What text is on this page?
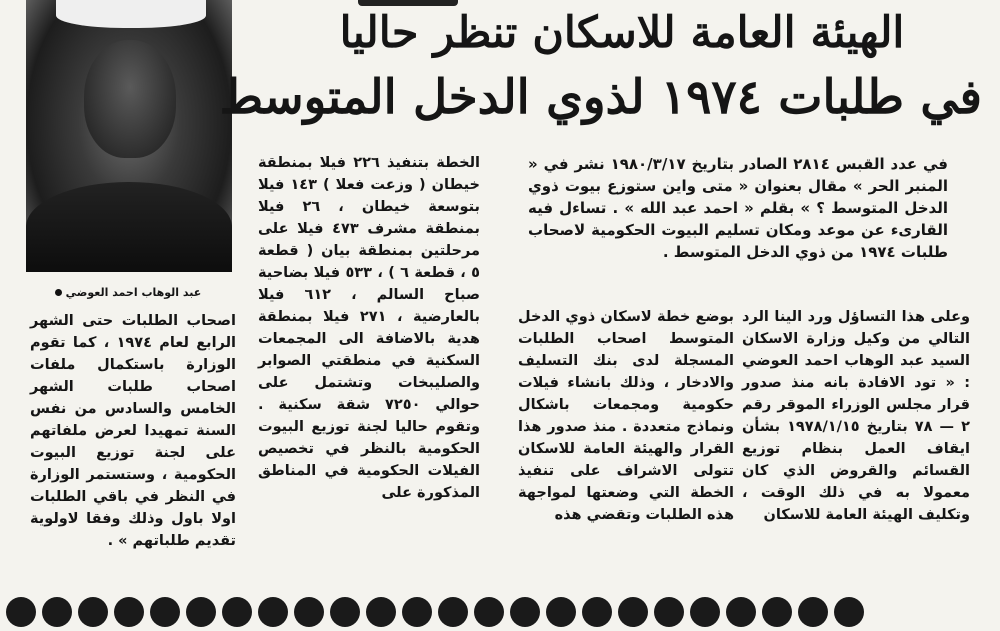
عبد الوهاب احمد العوضي
الهيئة العامة للاسكان تنظر حاليا
في طلبات ١٩٧٤ لذوي الدخل المتوسط
في عدد القبس ٢٨١٤ الصادر بتاريخ ١٩٨٠/٣/١٧ نشر في « المنبر الحر » مقال بعنوان « متى واين ستوزع بيوت ذوي الدخل المتوسط ؟ » بقلم « احمد عبد الله » . تساءل فيه القارىء عن موعد ومكان تسليم البيوت الحكومية لاصحاب طلبات ١٩٧٤ من ذوي الدخل المتوسط .
وعلى هذا التساؤل ورد الينا الرد التالي من وكيل وزارة الاسكان السيد عبد الوهاب احمد العوضي : « تود الافادة بانه منذ صدور قرار مجلس الوزراء الموقر رقم ٢ — ٧٨ بتاريخ ١٩٧٨/١/١٥ بشأن ايقاف العمل بنظام توزيع القسائم والقروض الذي كان معمولا به في ذلك الوقت ، وتكليف الهيئة العامة للاسكان
بوضع خطة لاسكان ذوي الدخل المتوسط اصحاب الطلبات المسجلة لدى بنك التسليف والادخار ، وذلك بانشاء فيلات حكومية ومجمعات باشكال ونماذج متعددة . منذ صدور هذا القرار والهيئة العامة للاسكان تتولى الاشراف على تنفيذ الخطة التي وضعتها لمواجهة هذه الطلبات وتقضي هذه
الخطة بتنفيذ ٢٢٦ فيلا بمنطقة خيطان ( وزعت فعلا ) ١٤٣ فيلا بتوسعة خيطان ، ٢٦ فيلا بمنطقة مشرف ٤٧٣ فيلا على مرحلتين بمنطقة بيان ( قطعة ٥ ، قطعة ٦ ) ، ٥٣٣ فيلا بضاحية صباح السالم ، ٦١٢ فيلا بالعارضية ، ٢٧١ فيلا بمنطقة هدية بالاضافة الى المجمعات السكنية في منطقتي الصوابر والصليبخات وتشتمل على حوالي ٧٢٥٠ شقة سكنية . وتقوم حاليا لجنة توزيع البيوت الحكومية بالنظر في تخصيص الفيلات الحكومية في المناطق المذكورة على
اصحاب الطلبات حتى الشهر الرابع لعام ١٩٧٤ ، كما تقوم الوزارة باستكمال ملفات اصحاب طلبات الشهر الخامس والسادس من نفس السنة تمهيدا لعرض ملفاتهم على لجنة توزيع البيوت الحكومية ، وستستمر الوزارة في النظر في باقي الطلبات اولا باول وذلك وفقا لاولوية تقديم طلباتهم » .
